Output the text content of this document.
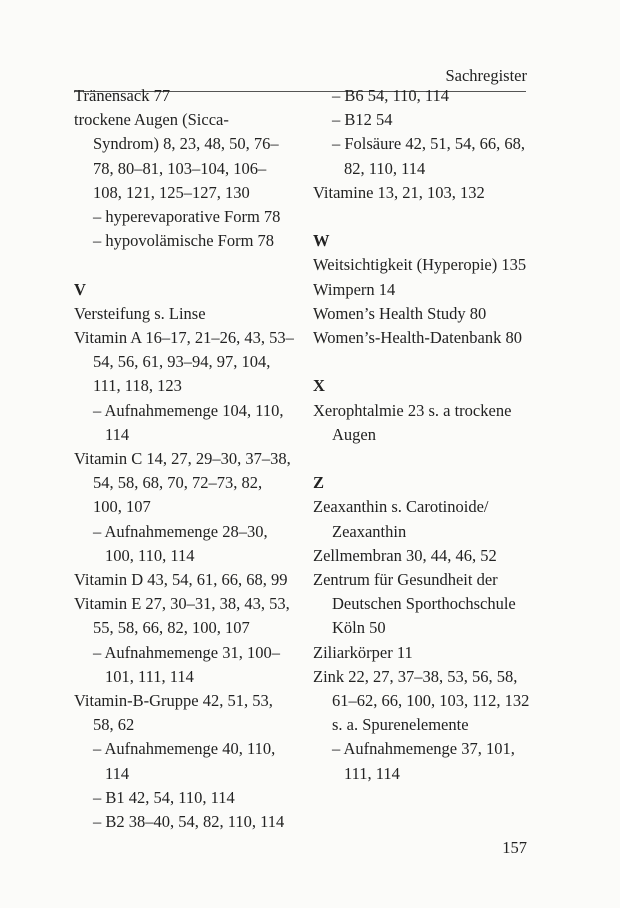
Sachregister

Tränensack 77

trockene Augen (Sicca-Syndrom) 8, 23, 48, 50, 76–78, 80–81, 103–104, 106–108, 121, 125–127, 130

– hyperevaporative Form 78

– hypovolämische Form 78

V

Versteifung s. Linse

Vitamin A 16–17, 21–26, 43, 53–54, 56, 61, 93–94, 97, 104, 111, 118, 123

– Aufnahmemenge 104, 110, 114

Vitamin C 14, 27, 29–30, 37–38, 54, 58, 68, 70, 72–73, 82, 100, 107

– Aufnahmemenge 28–30, 100, 110, 114

Vitamin D 43, 54, 61, 66, 68, 99

Vitamin E 27, 30–31, 38, 43, 53, 55, 58, 66, 82, 100, 107

– Aufnahmemenge 31, 100–101, 111, 114

Vitamin-B-Gruppe 42, 51, 53, 58, 62

– Aufnahmemenge 40, 110, 114

– B1 42, 54, 110, 114

– B2 38–40, 54, 82, 110, 114

– B6 54, 110, 114

– B12 54

– Folsäure 42, 51, 54, 66, 68, 82, 110, 114

Vitamine 13, 21, 103, 132

W

Weitsichtigkeit (Hyperopie) 135

Wimpern 14

Women’s Health Study 80

Women’s-Health-Datenbank 80

X

Xerophtalmie 23 s. a trockene Augen

Z

Zeaxanthin s. Carotinoide/ Zeaxanthin

Zellmembran 30, 44, 46, 52

Zentrum für Gesundheit der Deutschen Sporthochschule Köln 50

Ziliarkörper 11

Zink 22, 27, 37–38, 53, 56, 58, 61–62, 66, 100, 103, 112, 132 s. a. Spurenelemente

– Aufnahmemenge 37, 101, 111, 114

157
